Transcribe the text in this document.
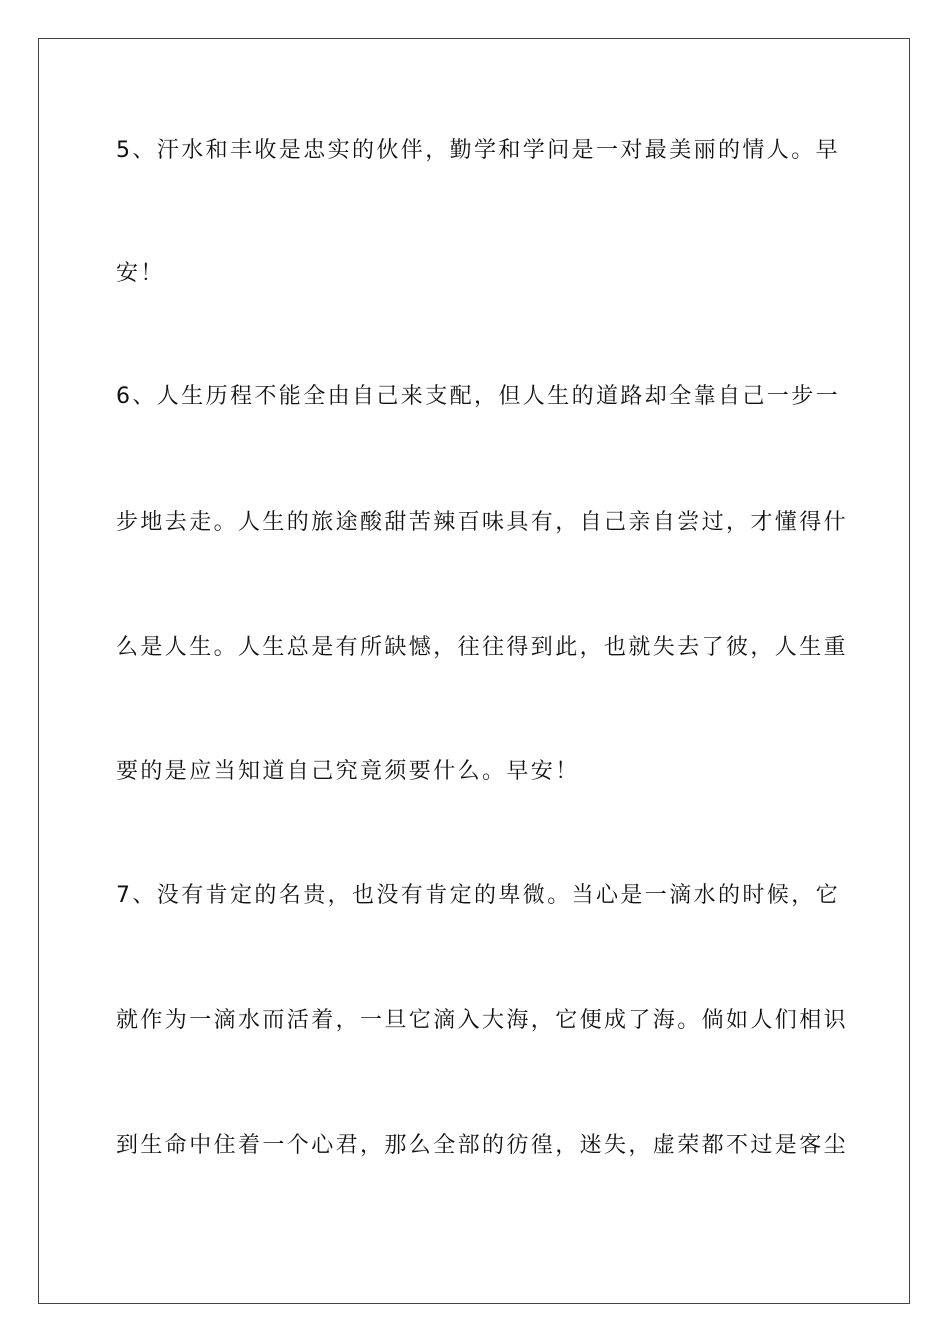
5、汗水和丰收是忠实的伙伴，勤学和学问是一对最美丽的情人。早
安！
6、人生历程不能全由自己来支配，但人生的道路却全靠自己一步一
步地去走。人生的旅途酸甜苦辣百味具有，自己亲自尝过，才懂得什
么是人生。人生总是有所缺憾，往往得到此，也就失去了彼，人生重
要的是应当知道自己究竟须要什么。早安！
7、没有肯定的名贵，也没有肯定的卑微。当心是一滴水的时候，它
就作为一滴水而活着，一旦它滴入大海，它便成了海。倘如人们相识
到生命中住着一个心君，那么全部的彷徨，迷失，虚荣都不过是客尘
